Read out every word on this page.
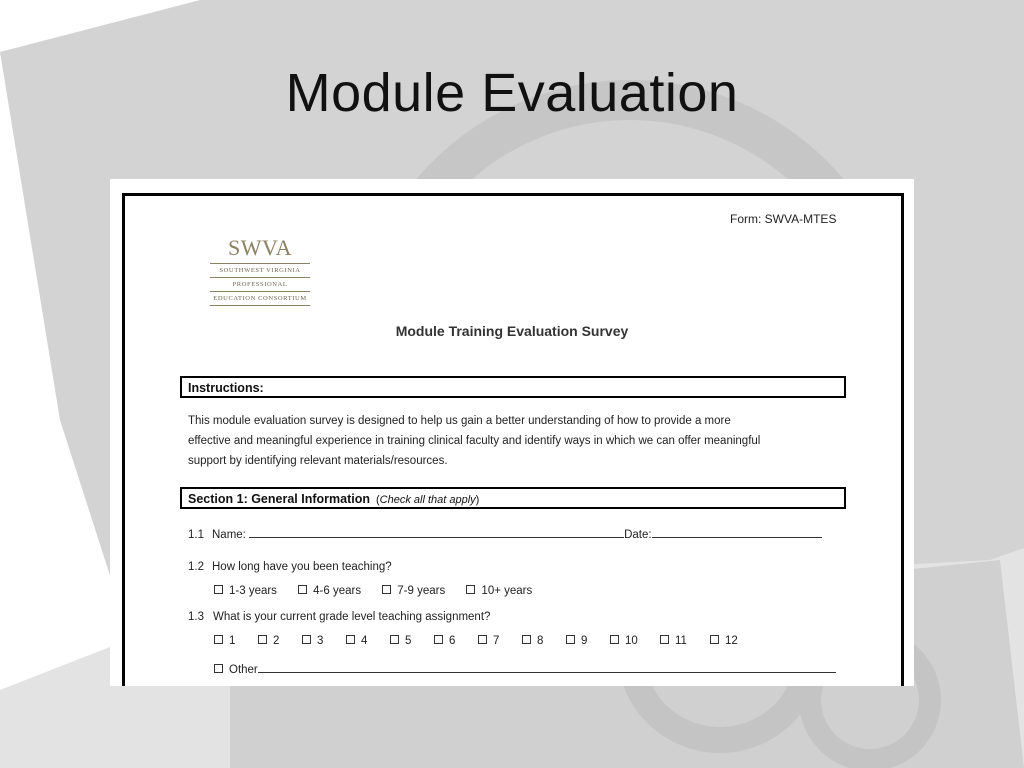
Module Evaluation
Form: SWVA-MTES
SWVA
SOUTHWEST VIRGINIA
PROFESSIONAL
EDUCATION CONSORTIUM
Module Training Evaluation Survey
Instructions:
This module evaluation survey is designed to help us gain a better understanding of how to provide a more
effective and meaningful experience in training clinical faculty and identify ways in which we can offer meaningful
support by identifying relevant materials/resources.
Section 1: General Information (Check all that apply)
1.1 Name:	Date:
1.2 How long have you been teaching?
1-3 years	4-6 years	7-9 years	10+ years
1.3 What is your current grade level teaching assignment?
1	2	3	4	5	6	7	8	9	10	11	12
Other
